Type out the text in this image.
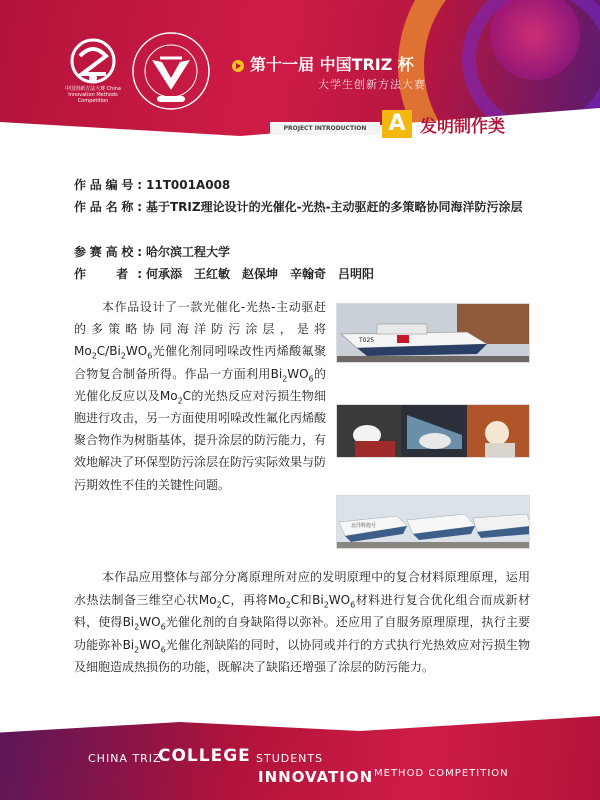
中国创新方法大赛 China Innovation Methods Competition
第十一届 中国TRIZ 杯
大学生创新方法大赛
PROJECT INTRODUCTION	A 发明制作类
作品编号: 11T001A008
作品名称: 基于TRIZ理论设计的光催化-光热-主动驱赶的多策略协同海洋防污涂层
参赛高校: 哈尔滨工程大学
作　者: 何承添　王红敏　赵保坤　辛翰奇　吕明阳
本作品设计了一款光催化-光热-主动驱赶的多策略协同海洋防污涂层，是将$Mo_2C/Bi_2WO_6$光催化剂同吲哚改性丙烯酸氟聚合物复合制备所得。作品一方面利用$Bi_2WO_6$的光催化反应以及$Mo_2C$的光热反应对污损生物细胞进行攻击，另一方面使用吲哚改性氟化丙烯酸聚合物作为树脂基体，提升涂层的防污能力，有效地解决了环保型防污涂层在防污实际效果与防污期效性不佳的关键性问题。
T025
北洋辉煌号
本作品应用整体与部分分离原理所对应的发明原理中的复合材料原理原理，运用水热法制备三维空心状$Mo_2C$，再将$Mo_2C$和$Bi_2WO_6$材料进行复合优化组合而成新材料，使得$Bi_2WO_6$光催化剂的自身缺陷得以弥补。还应用了自服务原理原理，执行主要功能弥补$Bi_2WO_6$光催化剂缺陷的同时，以协同或并行的方式执行光热效应对污损生物及细胞造成热损伤的功能，既解决了缺陷还增强了涂层的防污能力。
CHINA TRIZ
COLLEGE STUDENTS
INNOVATION METHOD COMPETITION
